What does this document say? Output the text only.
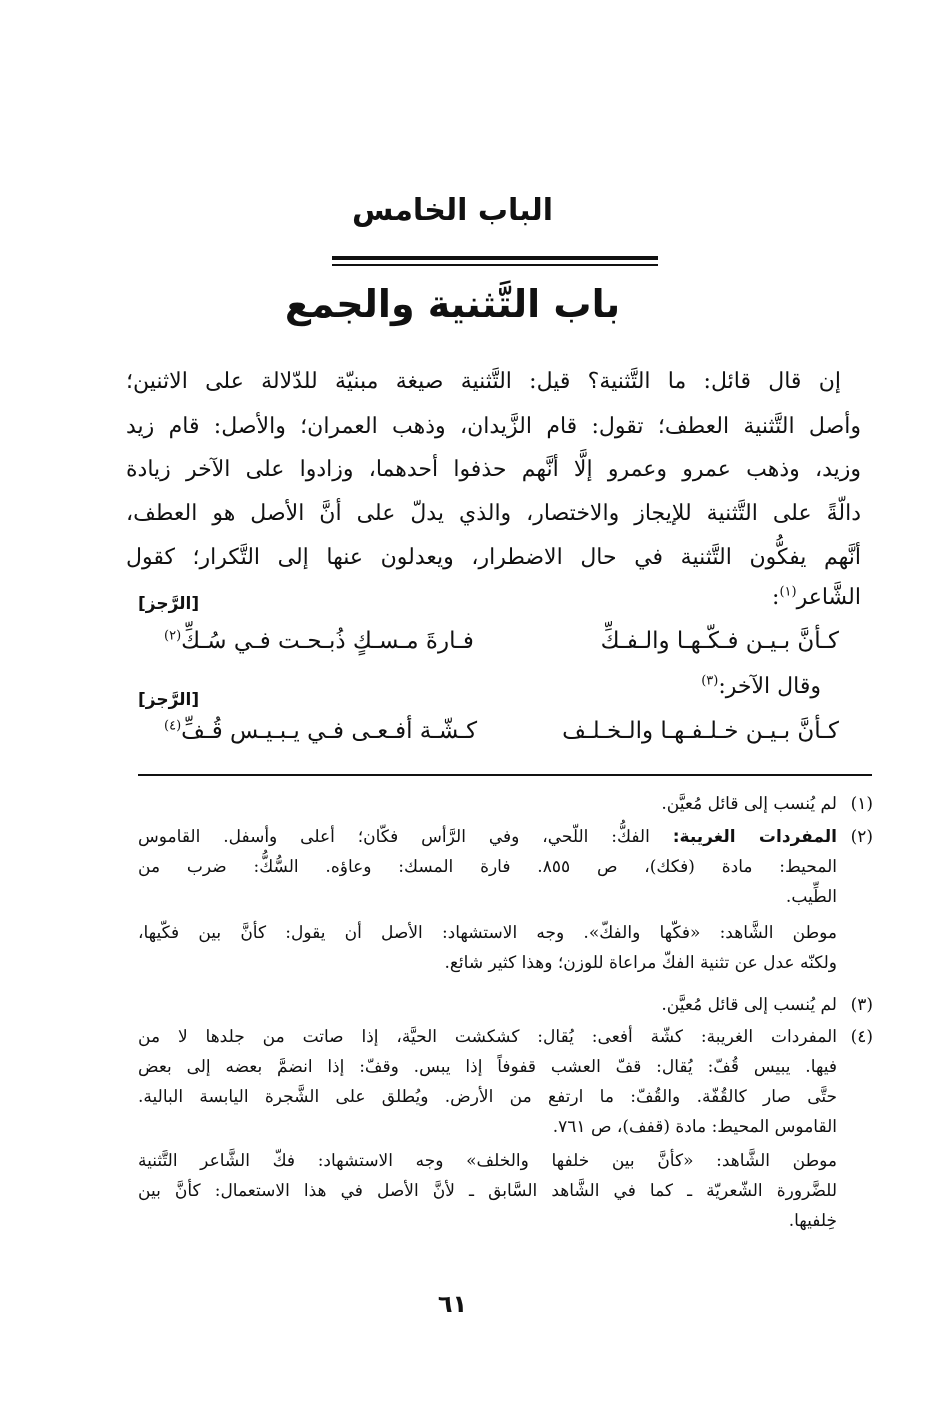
الباب الخامس
باب التَّثنية والجمع
إن قال قائل: ما التَّثنية؟ قيل: التَّثنية صيغة مبنيّة للدّلالة على الاثنين؛
وأصل التَّثنية العطف؛ تقول: قام الزَّيدان، وذهب العمران؛ والأصل: قام زيد
وزيد، وذهب عمرو وعمرو إلَّا أنَّهم حذفوا أحدهما، وزادوا على الآخر زيادة
دالّةً على التَّثنية للإيجاز والاختصار، والذي يدلّ على أنَّ الأصل هو العطف،
أنَّهم يفكُّون التَّثنية في حال الاضطرار، ويعدلون عنها إلى التَّكرار؛ كقول
الشَّاعر$^{(١)}$:
[الرَّجز]
كـأنَّ بـيـن فـكّـهـا والـفـكِّ
فـارةَ مـسـكٍ ذُبـحـت فـي سُـكِّ$^{(٢)}$
وقال الآخر:$^{(٣)}$
[الرَّجز]
كـأنَّ بـيـن خـلـفـهـا والـخـلـف
كـشّـة أفـعـى فـي يـبـيـس قُـفِّ$^{(٤)}$
(١)
لم يُنسب إلى قائل مُعيَّن.
(٢)
المفردات الغريبة: الفكُّ: اللّحي، وفي الرَّأس فكّان؛ أعلى وأسفل. القاموس
المحيط: مادة (فكك)، ص ٨٥٥. فارة المسك: وعاؤه. السُّكُّ: ضرب من
الطِّيب.
موطن الشَّاهد: «فكّها والفكّ». وجه الاستشهاد: الأصل أن يقول: كأنَّ بين فكّيها،
ولكنّه عدل عن تثنية الفكّ مراعاة للوزن؛ وهذا كثير شائع.
(٣)
لم يُنسب إلى قائل مُعيَّن.
(٤)
المفردات الغريبة: كشّة أفعى: يُقال: كشكشت الحيَّة، إذا صاتت من جلدها لا من
فيها. يبيس قُفّ: يُقال: قفّ العشب قفوفاً إذا يبس. وقفّ: إذا انضمَّ بعضه إلى بعض
حتَّى صار كالقُفّة. والقُفّ: ما ارتفع من الأرض. ويُطلق على الشَّجرة اليابسة البالية.
القاموس المحيط: مادة (قفف)، ص ٧٦١.
موطن الشَّاهد: «كأنَّ بين خلفها والخلف» وجه الاستشهاد: فكّ الشَّاعر التَّثنية
للضَّرورة الشّعريّة ـ كما في الشَّاهد السَّابق ـ لأنَّ الأصل في هذا الاستعمال: كأنَّ بين
خِلفيها.
٦١
